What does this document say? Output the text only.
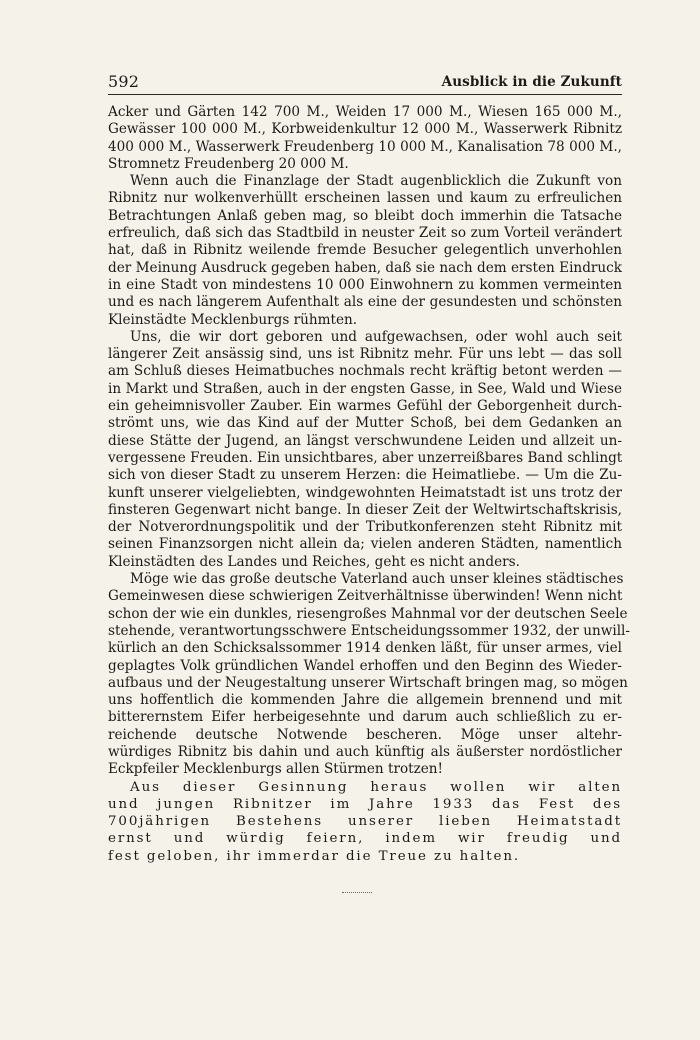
592	Ausblick in die Zukunft
Acker und Gärten 142 700 M., Weiden 17 000 M., Wiesen 165 000 M.,
Gewässer 100 000 M., Korbweidenkultur 12 000 M., Wasserwerk Ribnitz
400 000 M., Wasserwerk Freudenberg 10 000 M., Kanalisation 78 000 M.,
Stromnetz Freudenberg 20 000 M.
Wenn auch die Finanzlage der Stadt augenblicklich die Zukunft von
Ribnitz nur wolkenverhüllt erscheinen lassen und kaum zu erfreulichen
Betrachtungen Anlaß geben mag, so bleibt doch immerhin die Tatsache
erfreulich, daß sich das Stadtbild in neuster Zeit so zum Vorteil verändert
hat, daß in Ribnitz weilende fremde Besucher gelegentlich unverhohlen
der Meinung Ausdruck gegeben haben, daß sie nach dem ersten Eindruck
in eine Stadt von mindestens 10 000 Einwohnern zu kommen vermeinten
und es nach längerem Aufenthalt als eine der gesundesten und schönsten
Kleinstädte Mecklenburgs rühmten.
Uns, die wir dort geboren und aufgewachsen, oder wohl auch seit
längerer Zeit ansässig sind, uns ist Ribnitz mehr. Für uns lebt — das soll
am Schluß dieses Heimatbuches nochmals recht kräftig betont werden —
in Markt und Straßen, auch in der engsten Gasse, in See, Wald und Wiese
ein geheimnisvoller Zauber. Ein warmes Gefühl der Geborgenheit durch-
strömt uns, wie das Kind auf der Mutter Schoß, bei dem Gedanken an
diese Stätte der Jugend, an längst verschwundene Leiden und allzeit un-
vergessene Freuden. Ein unsichtbares, aber unzerreißbares Band schlingt
sich von dieser Stadt zu unserem Herzen: die Heimatliebe. — Um die Zu-
kunft unserer vielgeliebten, windgewohnten Heimatstadt ist uns trotz der
finsteren Gegenwart nicht bange. In dieser Zeit der Weltwirtschaftskrisis,
der Notverordnungspolitik und der Tributkonferenzen steht Ribnitz mit
seinen Finanzsorgen nicht allein da; vielen anderen Städten, namentlich
Kleinstädten des Landes und Reiches, geht es nicht anders.
Möge wie das große deutsche Vaterland auch unser kleines städtisches
Gemeinwesen diese schwierigen Zeitverhältnisse überwinden! Wenn nicht
schon der wie ein dunkles, riesengroßes Mahnmal vor der deutschen Seele
stehende, verantwortungsschwere Entscheidungssommer 1932, der unwill-
kürlich an den Schicksalssommer 1914 denken läßt, für unser armes, viel
geplagtes Volk gründlichen Wandel erhoffen und den Beginn des Wieder-
aufbaus und der Neugestaltung unserer Wirtschaft bringen mag, so mögen
uns hoffentlich die kommenden Jahre die allgemein brennend und mit
bitterernstem Eifer herbeigesehnte und darum auch schließlich zu er-
reichende deutsche Notwende bescheren. Möge unser altehr-
würdiges Ribnitz bis dahin und auch künftig als äußerster nordöstlicher
Eckpfeiler Mecklenburgs allen Stürmen trotzen!
Aus dieser Gesinnung heraus wollen wir alten
und jungen Ribnitzer im Jahre 1933 das Fest des
700jährigen Bestehens unserer lieben Heimatstadt
ernst und würdig feiern, indem wir freudig und
fest geloben, ihr immerdar die Treue zu halten.
